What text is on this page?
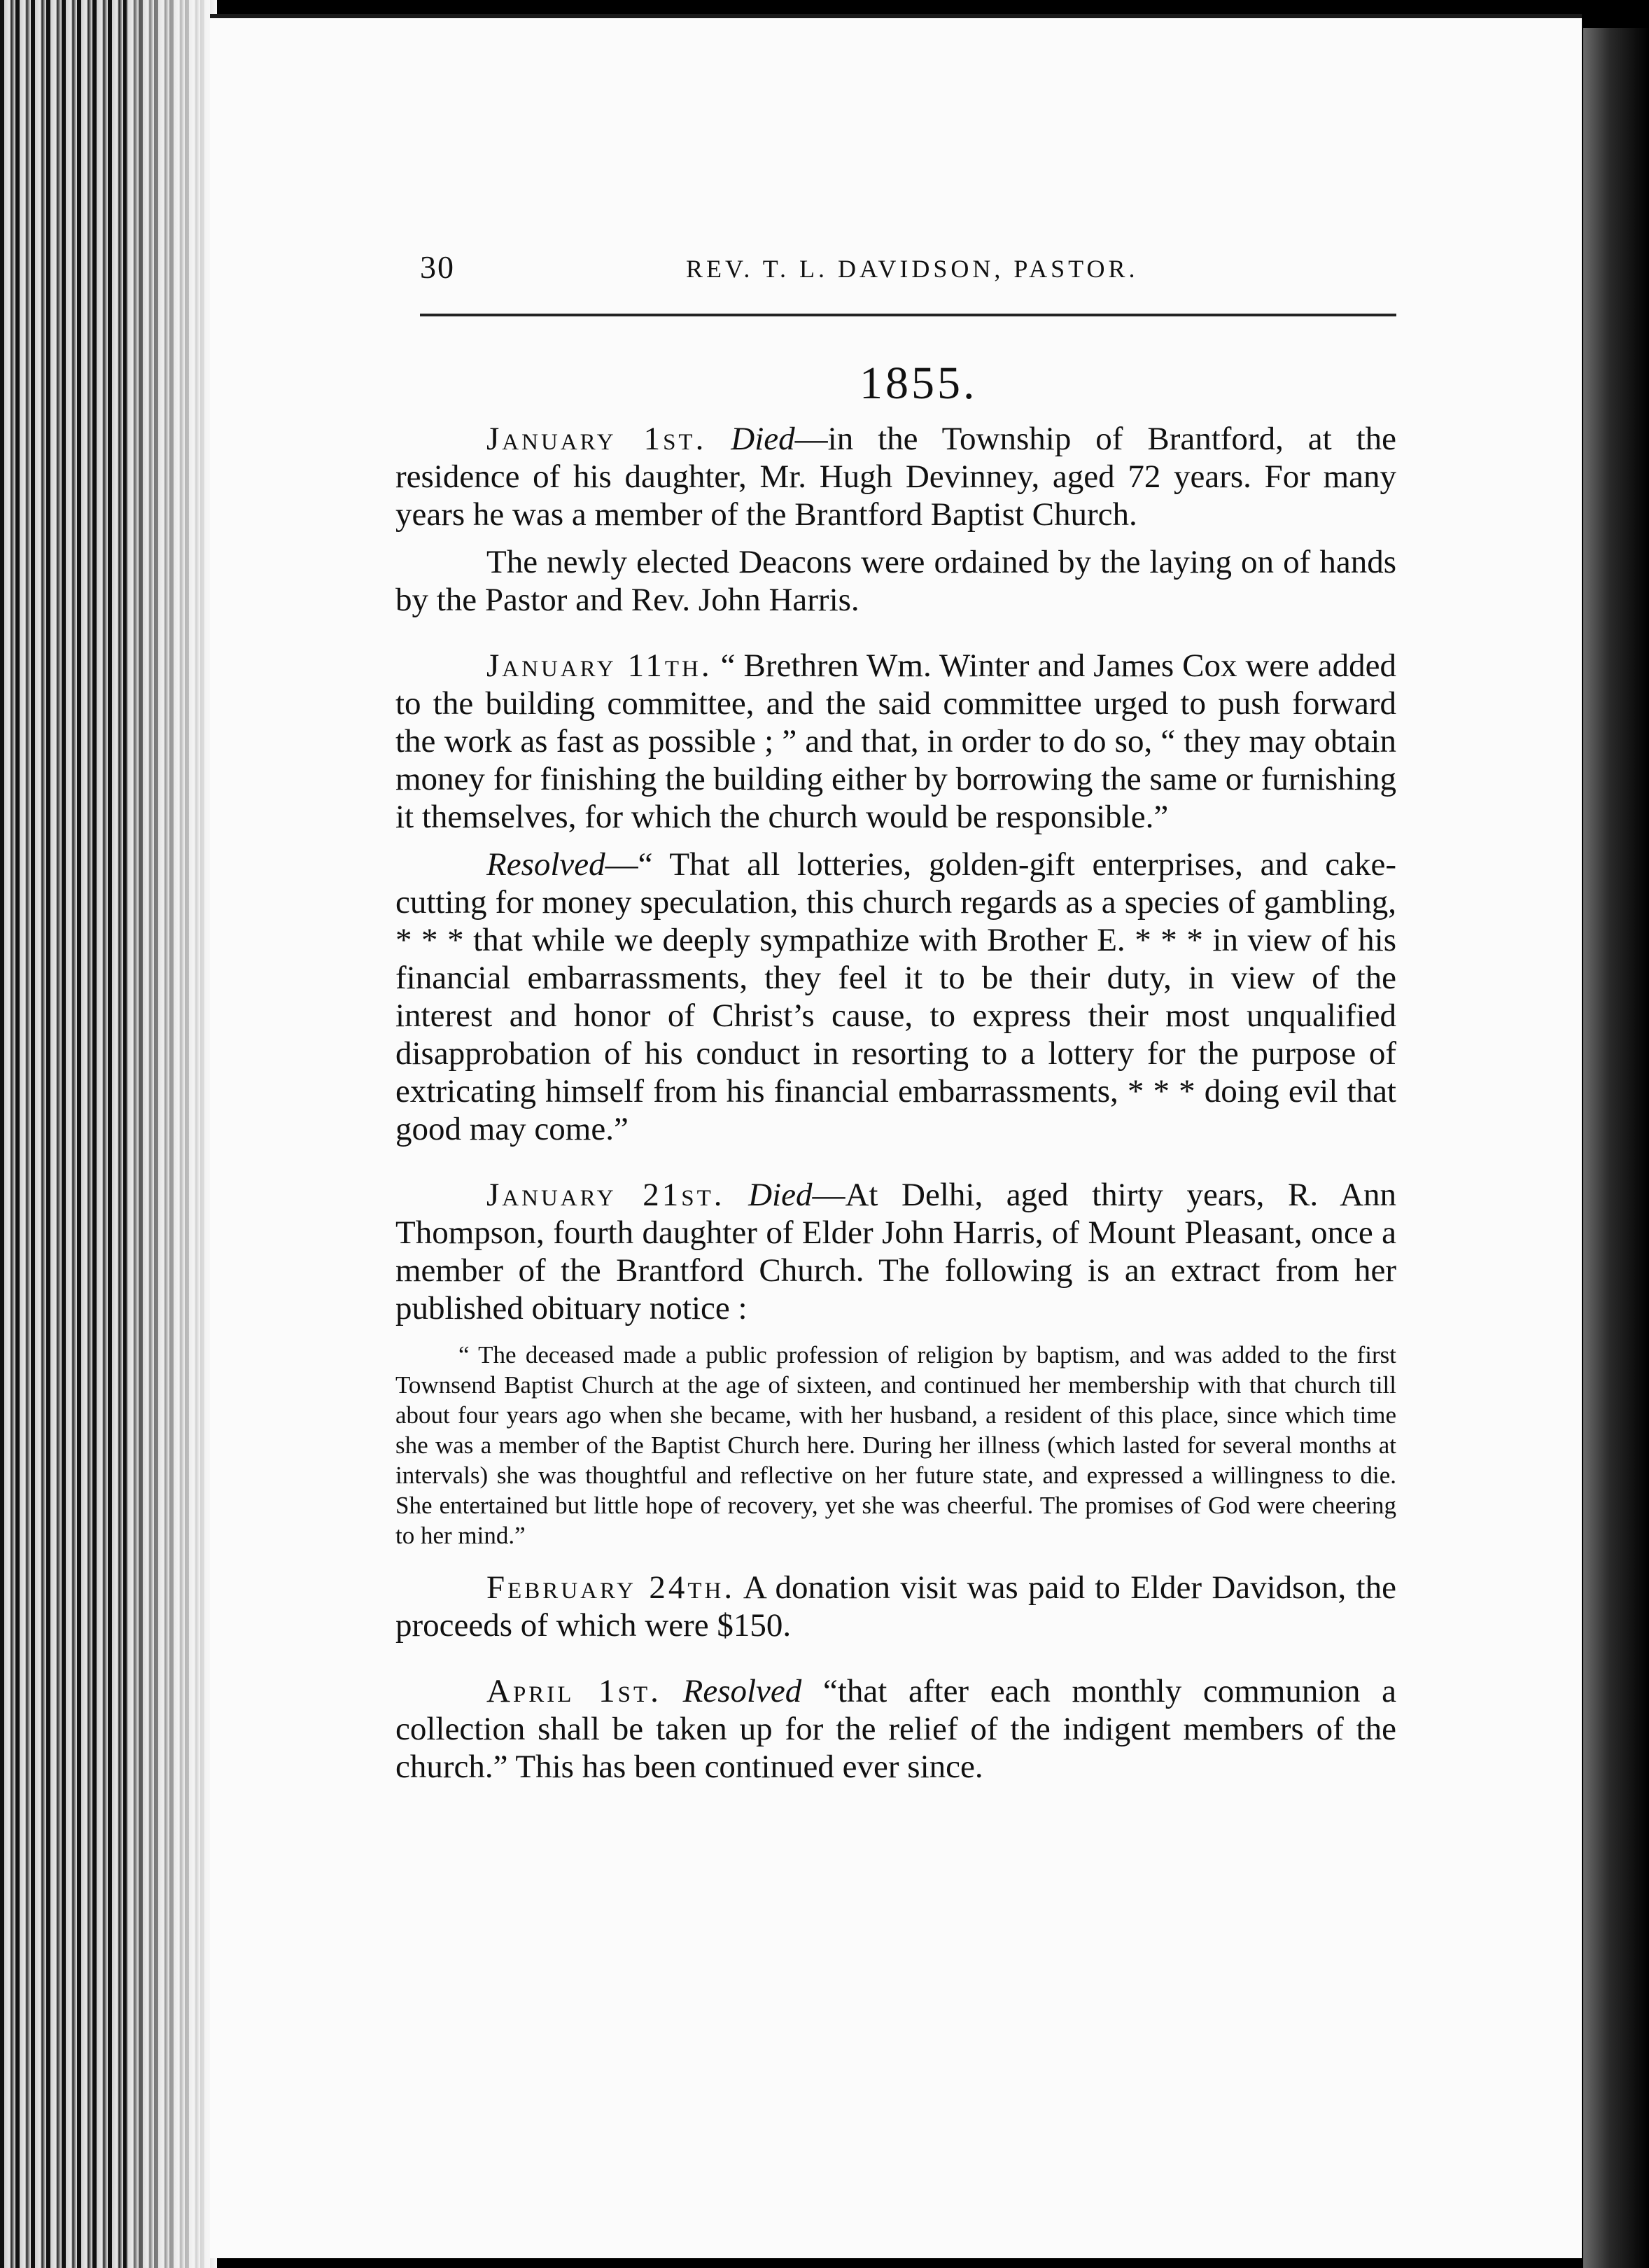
30	REV. T. L. DAVIDSON, PASTOR.
1855.

January 1st. Died—in the Township of Brantford, at the residence of his daughter, Mr. Hugh Devinney, aged 72 years. For many years he was a member of the Brantford Baptist Church.

The newly elected Deacons were ordained by the laying on of hands by the Pastor and Rev. John Harris.

January 11th. “ Brethren Wm. Winter and James Cox were added to the building committee, and the said committee urged to push forward the work as fast as possible ; ” and that, in order to do so, “ they may obtain money for finishing the building either by borrowing the same or furnishing it themselves, for which the church would be responsible.”

Resolved—“ That all lotteries, golden-gift enterprises, and cake-cutting for money speculation, this church regards as a species of gambling, * * * that while we deeply sympathize with Brother E. * * * in view of his financial embarrassments, they feel it to be their duty, in view of the interest and honor of Christ’s cause, to express their most unqualified disapprobation of his conduct in resorting to a lottery for the purpose of extricating himself from his financial embarrassments, * * * doing evil that good may come.”

January 21st. Died—At Delhi, aged thirty years, R. Ann Thompson, fourth daughter of Elder John Harris, of Mount Pleasant, once a member of the Brantford Church. The following is an extract from her published obituary notice :

“ The deceased made a public profession of religion by baptism, and was added to the first Townsend Baptist Church at the age of sixteen, and continued her membership with that church till about four years ago when she became, with her husband, a resident of this place, since which time she was a member of the Baptist Church here. During her illness (which lasted for several months at intervals) she was thoughtful and reflective on her future state, and expressed a willingness to die. She entertained but little hope of recovery, yet she was cheerful. The promises of God were cheering to her mind.”

February 24th. A donation visit was paid to Elder Davidson, the proceeds of which were $150.

April 1st. Resolved “that after each monthly communion a collection shall be taken up for the relief of the indigent members of the church.” This has been continued ever since.
